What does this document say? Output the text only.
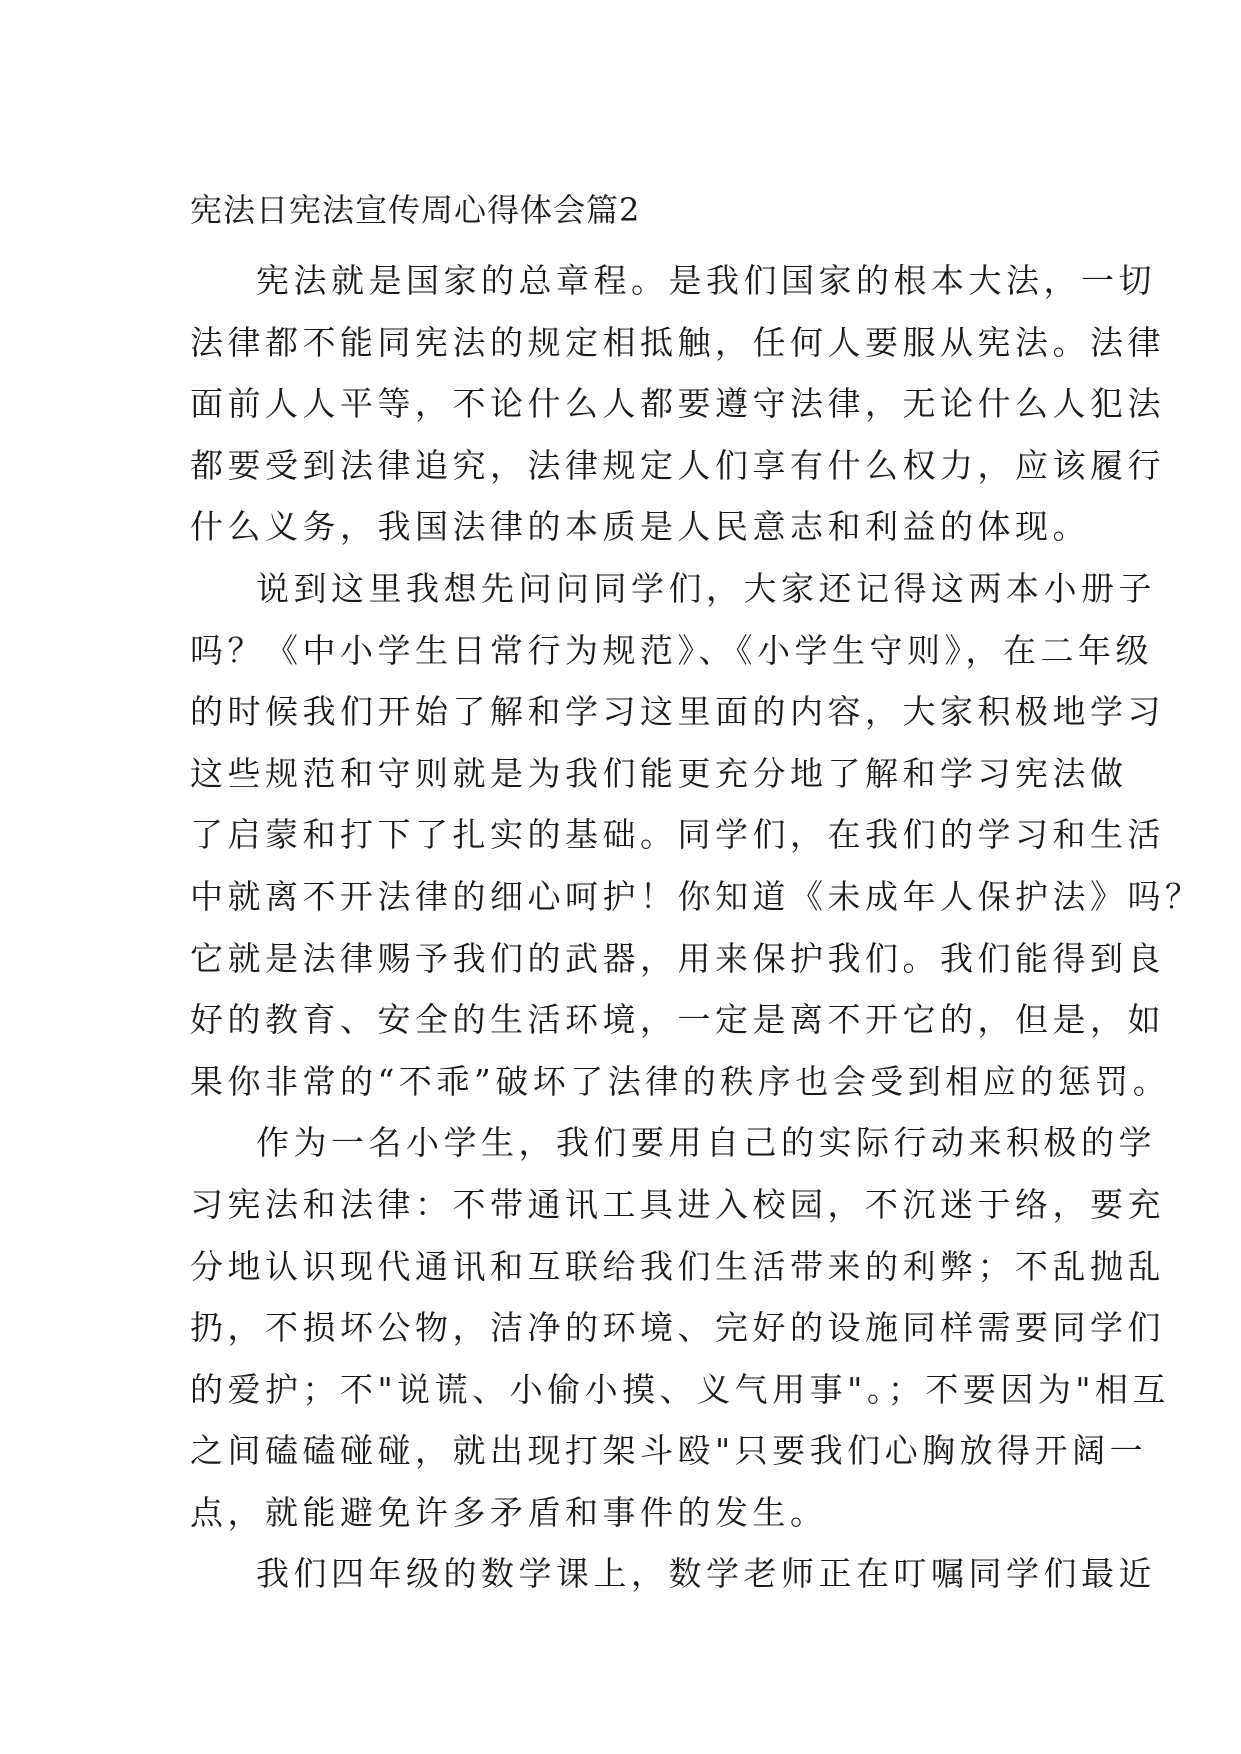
宪法日宪法宣传周心得体会篇2
宪法就是国家的总章程。是我们国家的根本大法，一切
法律都不能同宪法的规定相抵触，任何人要服从宪法。法律
面前人人平等，不论什么人都要遵守法律，无论什么人犯法
都要受到法律追究，法律规定人们享有什么权力，应该履行
什么义务，我国法律的本质是人民意志和利益的体现。
说到这里我想先问问同学们，大家还记得这两本小册子
吗？《中小学生日常行为规范》、《小学生守则》，在二年级
的时候我们开始了解和学习这里面的内容，大家积极地学习
这些规范和守则就是为我们能更充分地了解和学习宪法做
了启蒙和打下了扎实的基础。同学们，在我们的学习和生活
中就离不开法律的细心呵护！你知道《未成年人保护法》吗？
它就是法律赐予我们的武器，用来保护我们。我们能得到良
好的教育、安全的生活环境，一定是离不开它的，但是，如
果你非常的“不乖”破坏了法律的秩序也会受到相应的惩罚。
作为一名小学生，我们要用自己的实际行动来积极的学
习宪法和法律：不带通讯工具进入校园，不沉迷于络，要充
分地认识现代通讯和互联给我们生活带来的利弊；不乱抛乱
扔，不损坏公物，洁净的环境、完好的设施同样需要同学们
的爱护；不"说谎、小偷小摸、义气用事"。；不要因为"相互
之间磕磕碰碰，就出现打架斗殴"只要我们心胸放得开阔一
点，就能避免许多矛盾和事件的发生。
我们四年级的数学课上，数学老师正在叮嘱同学们最近
